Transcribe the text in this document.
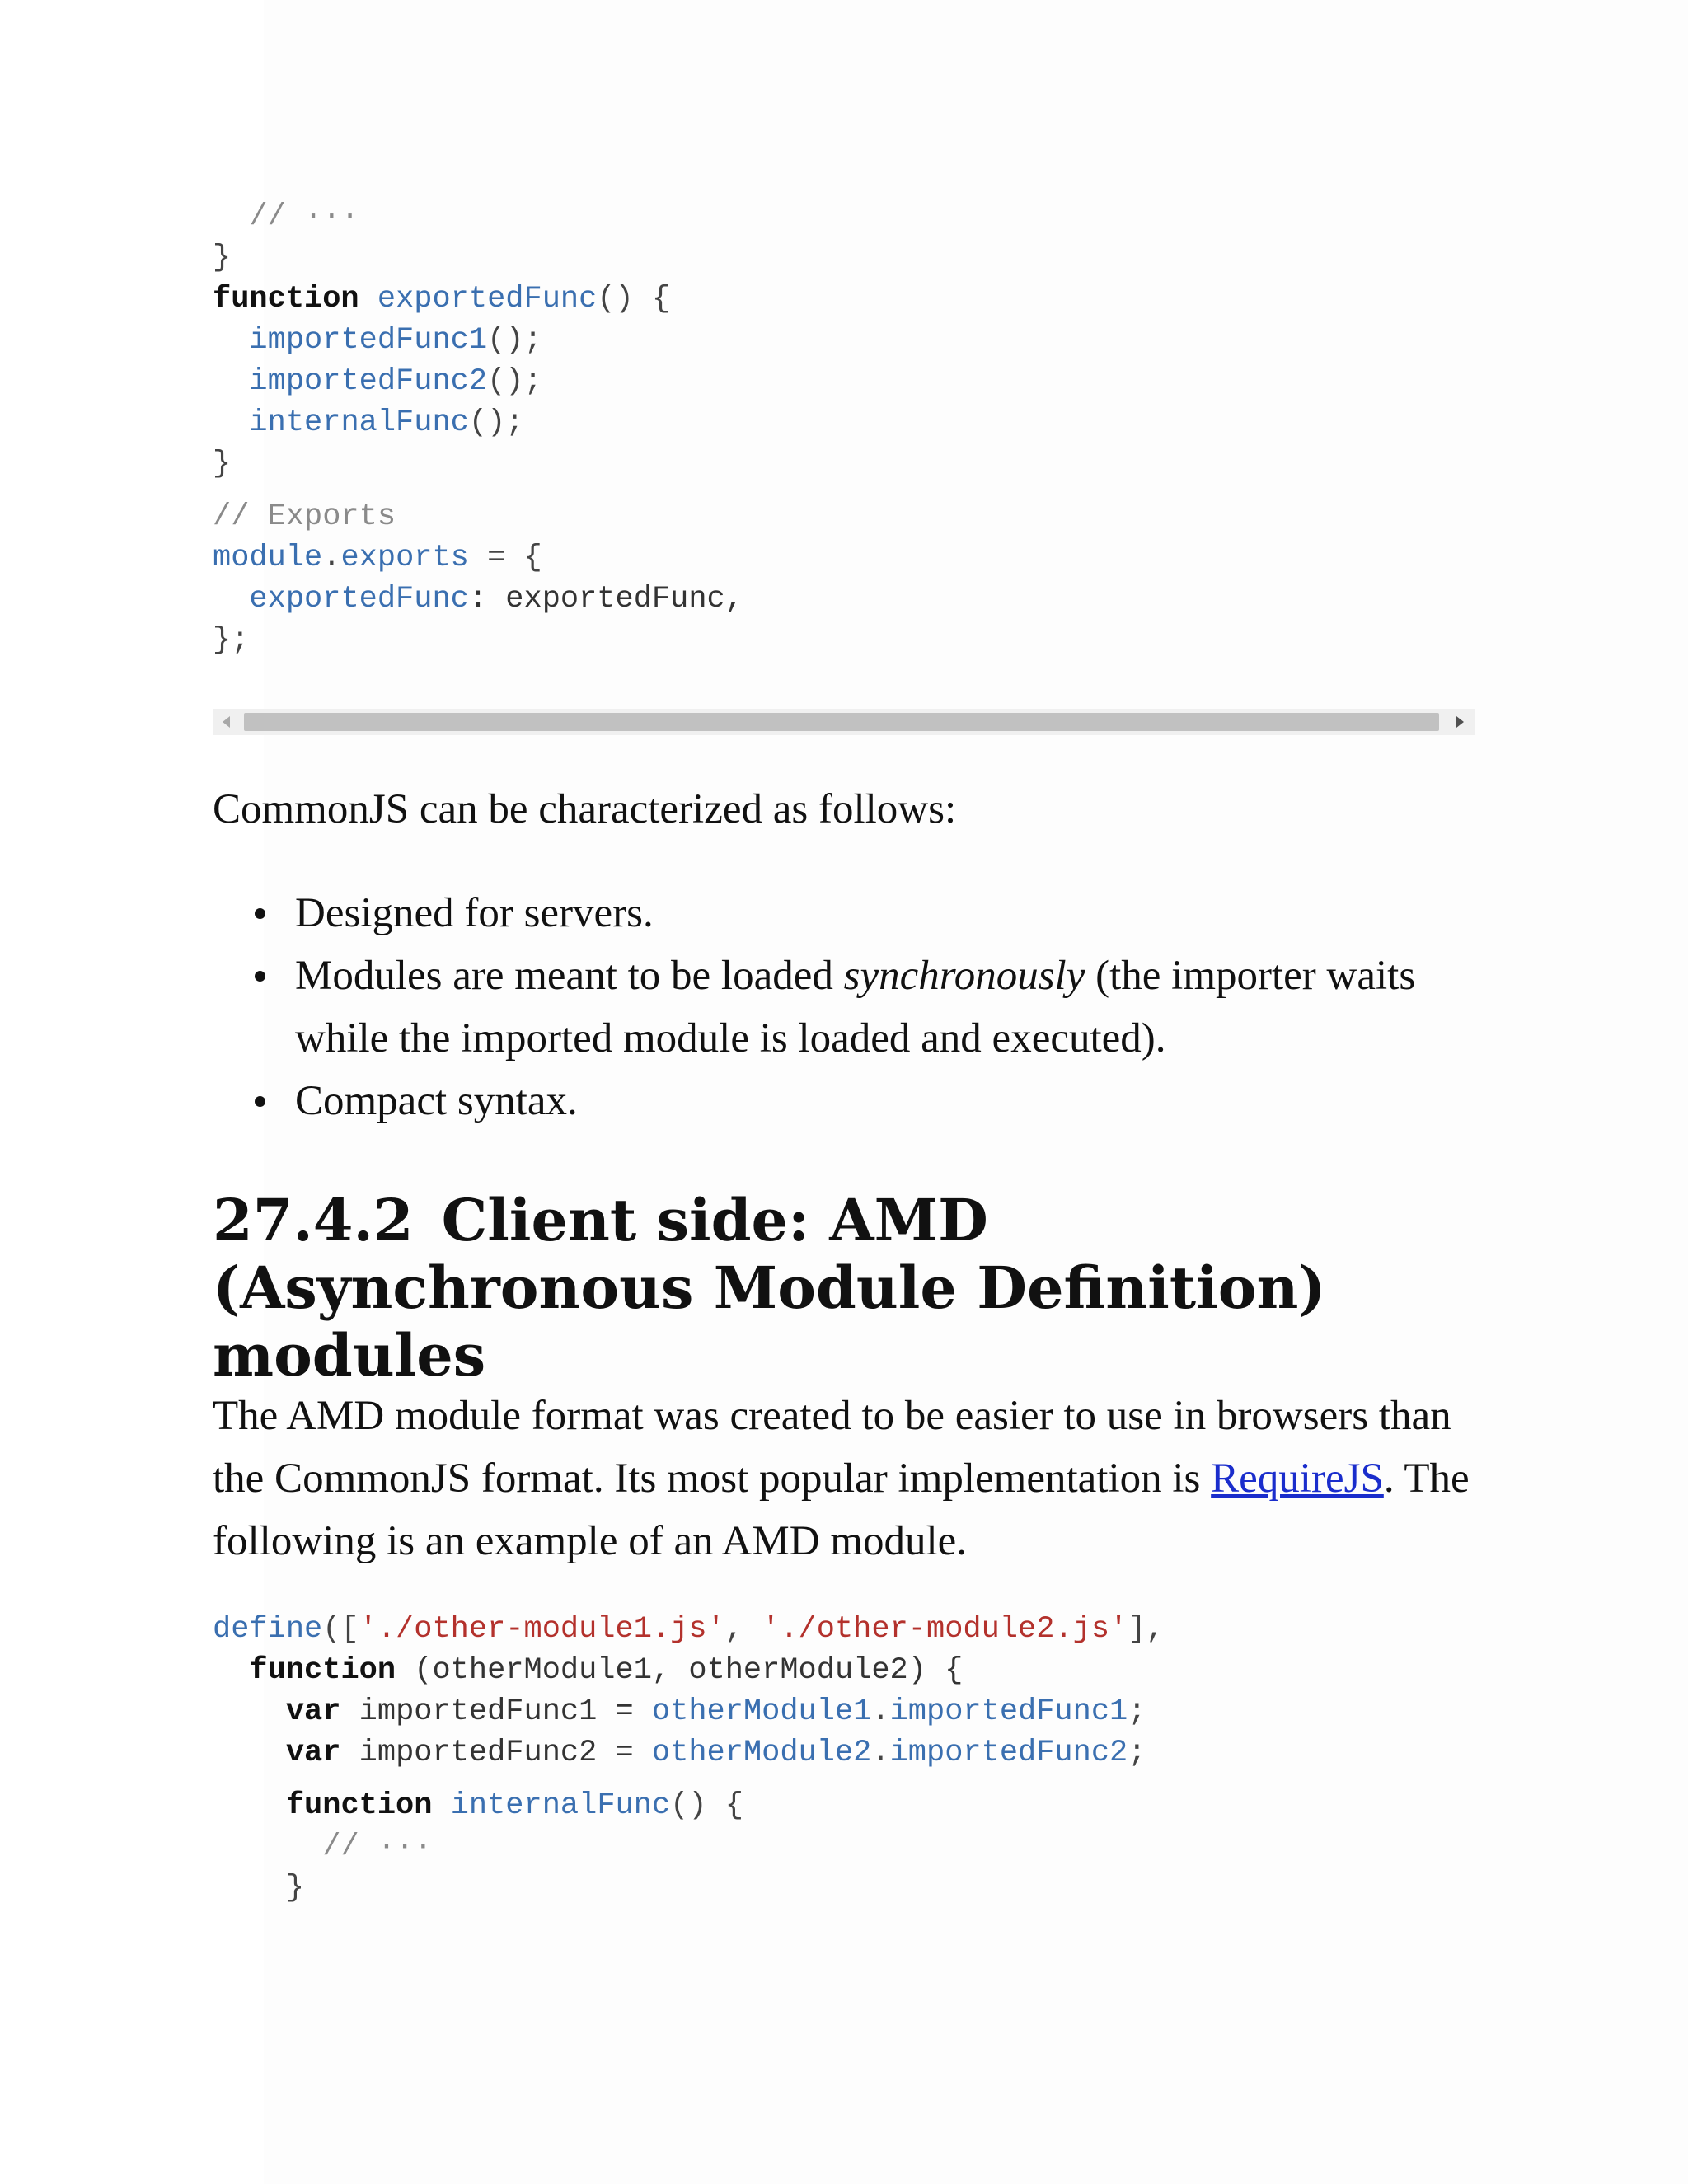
// ···
}
function exportedFunc() {
importedFunc1();
importedFunc2();
internalFunc();
}
// Exports
module.exports = {
exportedFunc: exportedFunc,
};

CommonJS can be characterized as follows:

Designed for servers.
Modules are meant to be loaded synchronously (the importer waits while the imported module is loaded and executed).
Compact syntax.
27.4.2 Client side: AMD (Asynchronous Module Definition) modules

The AMD module format was created to be easier to use in browsers than the CommonJS format. Its most popular implementation is RequireJS. The following is an example of an AMD module.

define(['./other-module1.js', './other-module2.js'],
function (otherModule1, otherModule2) {
var importedFunc1 = otherModule1.importedFunc1;
var importedFunc2 = otherModule2.importedFunc2;
function internalFunc() {
// ···
}
